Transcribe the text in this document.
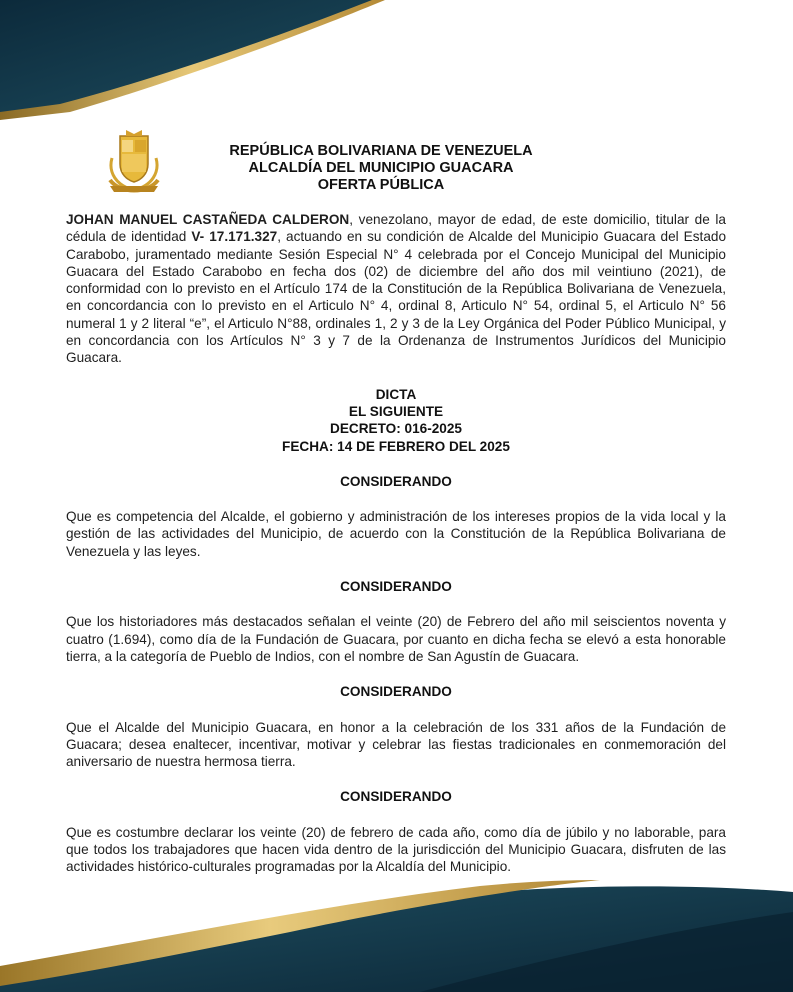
REPÚBLICA BOLIVARIANA DE VENEZUELA
ALCALDÍA DEL MUNICIPIO GUACARA
OFERTA PÚBLICA

JOHAN MANUEL CASTAÑEDA CALDERON, venezolano, mayor de edad, de este domicilio, titular de la cédula de identidad V- 17.171.327, actuando en su condición de Alcalde del Municipio Guacara del Estado Carabobo, juramentado mediante Sesión Especial N° 4 celebrada por el Concejo Municipal del Municipio Guacara del Estado Carabobo en fecha dos (02) de diciembre del año dos mil veintiuno (2021), de conformidad con lo previsto en el Artículo 174 de la Constitución de la República Bolivariana de Venezuela, en concordancia con lo previsto en el Articulo N° 4, ordinal 8, Articulo N° 54, ordinal 5, el Articulo N° 56 numeral 1 y 2 literal “e”, el Articulo N°88, ordinales 1, 2 y 3 de la Ley Orgánica del Poder Público Municipal, y en concordancia con los Artículos N° 3 y 7 de la Ordenanza de Instrumentos Jurídicos del Municipio Guacara.

DICTA
EL SIGUIENTE
DECRETO: 016-2025
FECHA: 14 DE FEBRERO DEL 2025
CONSIDERANDO

Que es competencia del Alcalde, el gobierno y administración de los intereses propios de la vida local y la gestión de las actividades del Municipio, de acuerdo con la Constitución de la República Bolivariana de Venezuela y las leyes.

CONSIDERANDO

Que los historiadores más destacados señalan el veinte (20) de Febrero del año mil seiscientos noventa y cuatro (1.694), como día de la Fundación de Guacara, por cuanto en dicha fecha se elevó a esta honorable tierra, a la categoría de Pueblo de Indios, con el nombre de San Agustín de Guacara.

CONSIDERANDO

Que el Alcalde del Municipio Guacara, en honor a la celebración de los 331 años de la Fundación de Guacara; desea enaltecer, incentivar, motivar y celebrar las fiestas tradicionales en conmemoración del aniversario de nuestra hermosa tierra.

CONSIDERANDO

Que es costumbre declarar los veinte (20) de febrero de cada año, como día de júbilo y no laborable, para que todos los trabajadores que hacen vida dentro de la jurisdicción del Municipio Guacara, disfruten de las actividades histórico-culturales programadas por la Alcaldía del Municipio.
